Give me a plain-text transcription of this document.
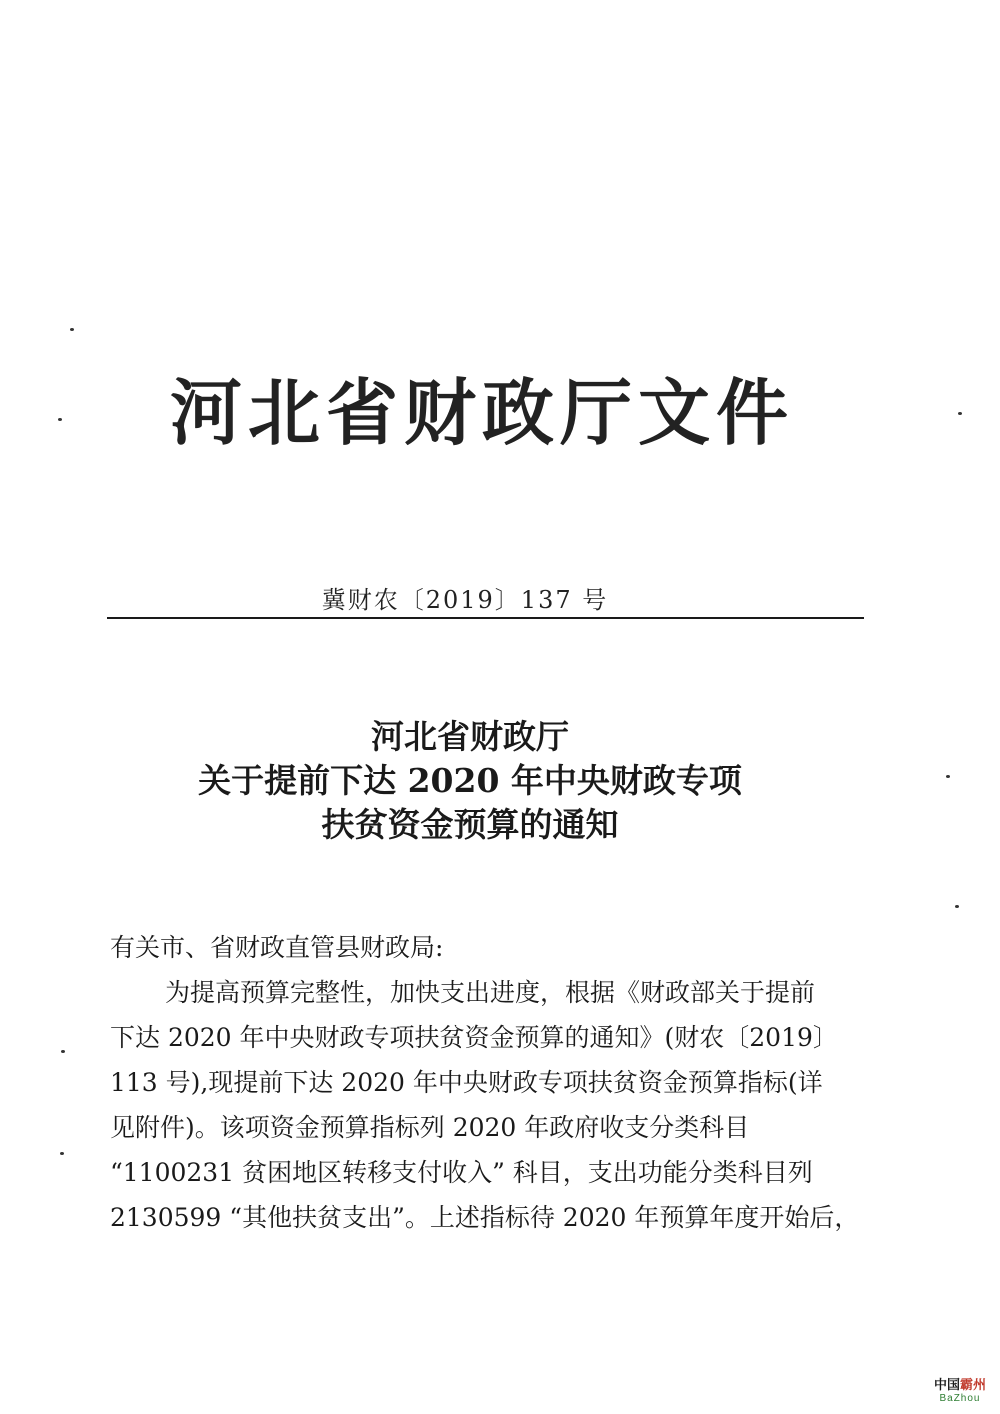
河北省财政厅文件
冀财农〔2019〕137 号
河北省财政厅
关于提前下达 2020 年中央财政专项
扶贫资金预算的通知
有关市、省财政直管县财政局:
为提高预算完整性，加快支出进度，根据《财政部关于提前
下达 2020 年中央财政专项扶贫资金预算的通知》(财农〔2019〕
113 号),现提前下达 2020 年中央财政专项扶贫资金预算指标(详
见附件)。该项资金预算指标列 2020 年政府收支分类科目
“1100231 贫困地区转移支付收入” 科目，支出功能分类科目列
2130599 “其他扶贫支出”。上述指标待 2020 年预算年度开始后，
中国霸州
BaZhou
